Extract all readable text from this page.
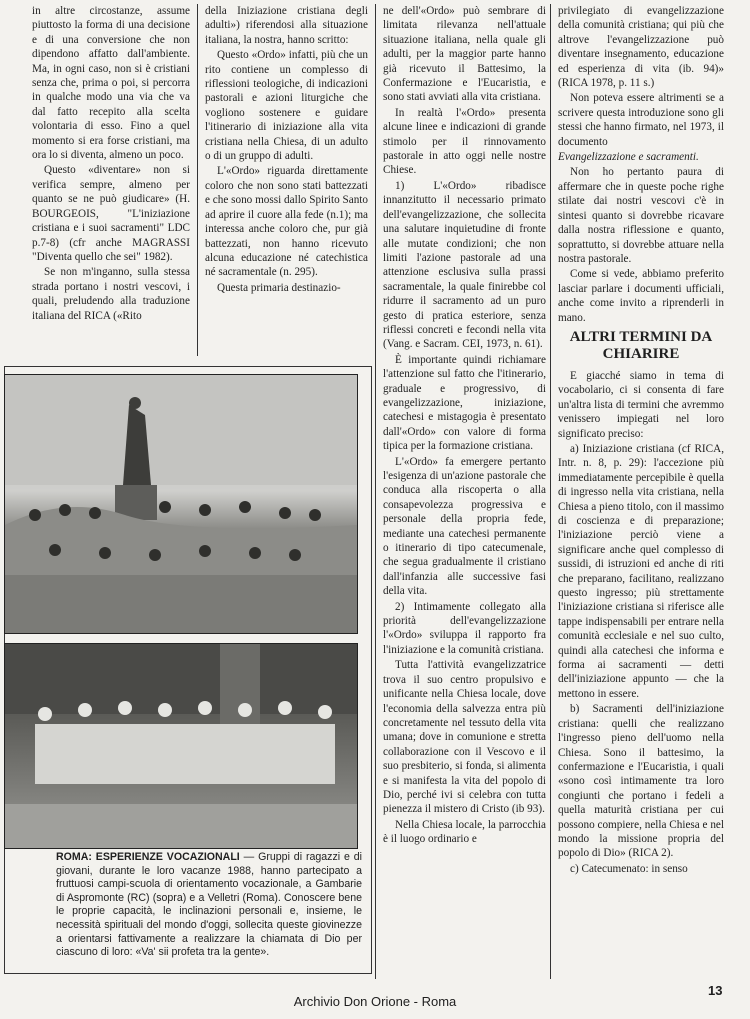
in altre circostanze, assume piuttosto la forma di una decisione e di una conversione che non dipendono affatto dall'ambiente. Ma, in ogni caso, non si è cristiani senza che, prima o poi, si percorra in qualche modo una via che va dal fatto recepito alla scelta volontaria di esso. Fino a quel momento si era forse cristiani, ma ora lo si diventa, almeno un poco.

Questo «diventare» non si verifica sempre, almeno per quanto se ne può giudicare» (H. BOURGEOIS, "L'iniziazione cristiana e i suoi sacramenti" LDC p.7-8) (cfr anche MAGRASSI "Diventa quello che sei" 1982).

Se non m'inganno, sulla stessa strada portano i nostri vescovi, i quali, preludendo alla traduzione italiana del RICA («Rito

della Iniziazione cristiana degli adulti») riferendosi alla situazione italiana, la nostra, hanno scritto:

Questo «Ordo» infatti, più che un rito contiene un complesso di riflessioni teologiche, di indicazioni pastorali e azioni liturgiche che vogliono sostenere e guidare l'itinerario di iniziazione alla vita cristiana nella Chiesa, di un adulto o di un gruppo di adulti.

L'«Ordo» riguarda direttamente coloro che non sono stati battezzati e che sono mossi dallo Spirito Santo ad aprire il cuore alla fede (n.1); ma interessa anche coloro che, pur già battezzati, non hanno ricevuto alcuna educazione né catechistica né sacramentale (n. 295).

Questa primaria destinazio-

ROMA: ESPERIENZE VOCAZIONALI — Gruppi di ragazzi e di giovani, durante le loro vacanze 1988, hanno partecipato a fruttuosi campi-scuola di orientamento vocazionale, a Gambarie di Aspromonte (RC) (sopra) e a Velletri (Roma). Conoscere bene le proprie capacità, le inclinazioni personali e, insieme, le necessità spirituali del mondo d'oggi, sollecita queste giovinezze a orientarsi fattivamente a realizzare la chiamata di Dio per ciascuno di loro: «Va' sii profeta tra la gente».

ne dell'«Ordo» può sembrare di limitata rilevanza nell'attuale situazione italiana, nella quale gli adulti, per la maggior parte hanno già ricevuto il Battesimo, la Confermazione e l'Eucaristia, e sono stati avviati alla vita cristiana.

In realtà l'«Ordo» presenta alcune linee e indicazioni di grande stimolo per il rinnovamento pastorale in atto oggi nelle nostre Chiese.

1) L'«Ordo» ribadisce innanzitutto il necessario primato dell'evangelizzazione, che sollecita una salutare inquietudine di fronte alle mutate condizioni; che non limiti l'azione pastorale ad una attenzione esclusiva sulla prassi sacramentale, la quale finirebbe col ridurre il sacramento ad un puro gesto di pratica esteriore, senza riflessi concreti e fecondi nella vita (Vang. e Sacram. CEI, 1973, n. 61).

È importante quindi richiamare l'attenzione sul fatto che l'itinerario, graduale e progressivo, di evangelizzazione, iniziazione, catechesi e mistagogia è presentato dall'«Ordo» con valore di forma tipica per la formazione cristiana.

L'«Ordo» fa emergere pertanto l'esigenza di un'azione pastorale che conduca alla riscoperta o alla consapevolezza progressiva e personale della propria fede, mediante una catechesi permanente o itinerario di tipo catecumenale, che segua gradualmente il cristiano dall'infanzia alle successive fasi della vita.

2) Intimamente collegato alla priorità dell'evangelizzazione l'«Ordo» sviluppa il rapporto fra l'iniziazione e la comunità cristiana.

Tutta l'attività evangelizzatrice trova il suo centro propulsivo e unificante nella Chiesa locale, dove l'economia della salvezza entra più concretamente nel tessuto della vita umana; dove in comunione e stretta collaborazione con il Vescovo e il suo presbiterio, si fonda, si alimenta e si manifesta la vita del popolo di Dio, perché ivi si celebra con tutta pienezza il mistero di Cristo (ib 93).

Nella Chiesa locale, la parrocchia è il luogo ordinario e

privilegiato di evangelizzazione della comunità cristiana; qui più che altrove l'evangelizzazione può diventare insegnamento, educazione ed esperienza di vita (ib. 94)» (RICA 1978, p. 11 s.)

Non poteva essere altrimenti se a scrivere questa introduzione sono gli stessi che hanno firmato, nel 1973, il documento

Evangelizzazione e sacramenti.

Non ho pertanto paura di affermare che in queste poche righe stilate dai nostri vescovi c'è in sintesi quanto si dovrebbe ricavare dalla nostra riflessione e quanto, soprattutto, si dovrebbe attuare nella nostra pastorale.

Come si vede, abbiamo preferito lasciar parlare i documenti ufficiali, anche come invito a riprenderli in mano.

ALTRI TERMINI DA CHIARIRE

E giacché siamo in tema di vocabolario, ci si consenta di fare un'altra lista di termini che avremmo venissero impiegati nel loro significato preciso:

a) Iniziazione cristiana (cf RICA, Intr. n. 8, p. 29): l'accezione più immediatamente percepibile è quella di ingresso nella vita cristiana, nella Chiesa a pieno titolo, con il massimo di coscienza e di preparazione; l'iniziazione perciò viene a significare anche quel complesso di sussidi, di istruzioni ed anche di riti che preparano, facilitano, realizzano questo ingresso; più strettamente l'iniziazione cristiana si riferisce alle tappe indispensabili per entrare nella comunità ecclesiale e nel suo culto, quindi alla catechesi che informa e forma ai sacramenti — detti dell'iniziazione appunto — che la mettono in essere.

b) Sacramenti dell'iniziazione cristiana: quelli che realizzano l'ingresso pieno dell'uomo nella Chiesa. Sono il battesimo, la confermazione e l'Eucaristia, i quali «sono così intimamente tra loro congiunti che portano i fedeli a quella maturità cristiana per cui possono compiere, nella Chiesa e nel mondo la missione propria del popolo di Dio» (RICA 2).

c) Catecumenato: in senso

13
Archivio Don Orione - Roma
